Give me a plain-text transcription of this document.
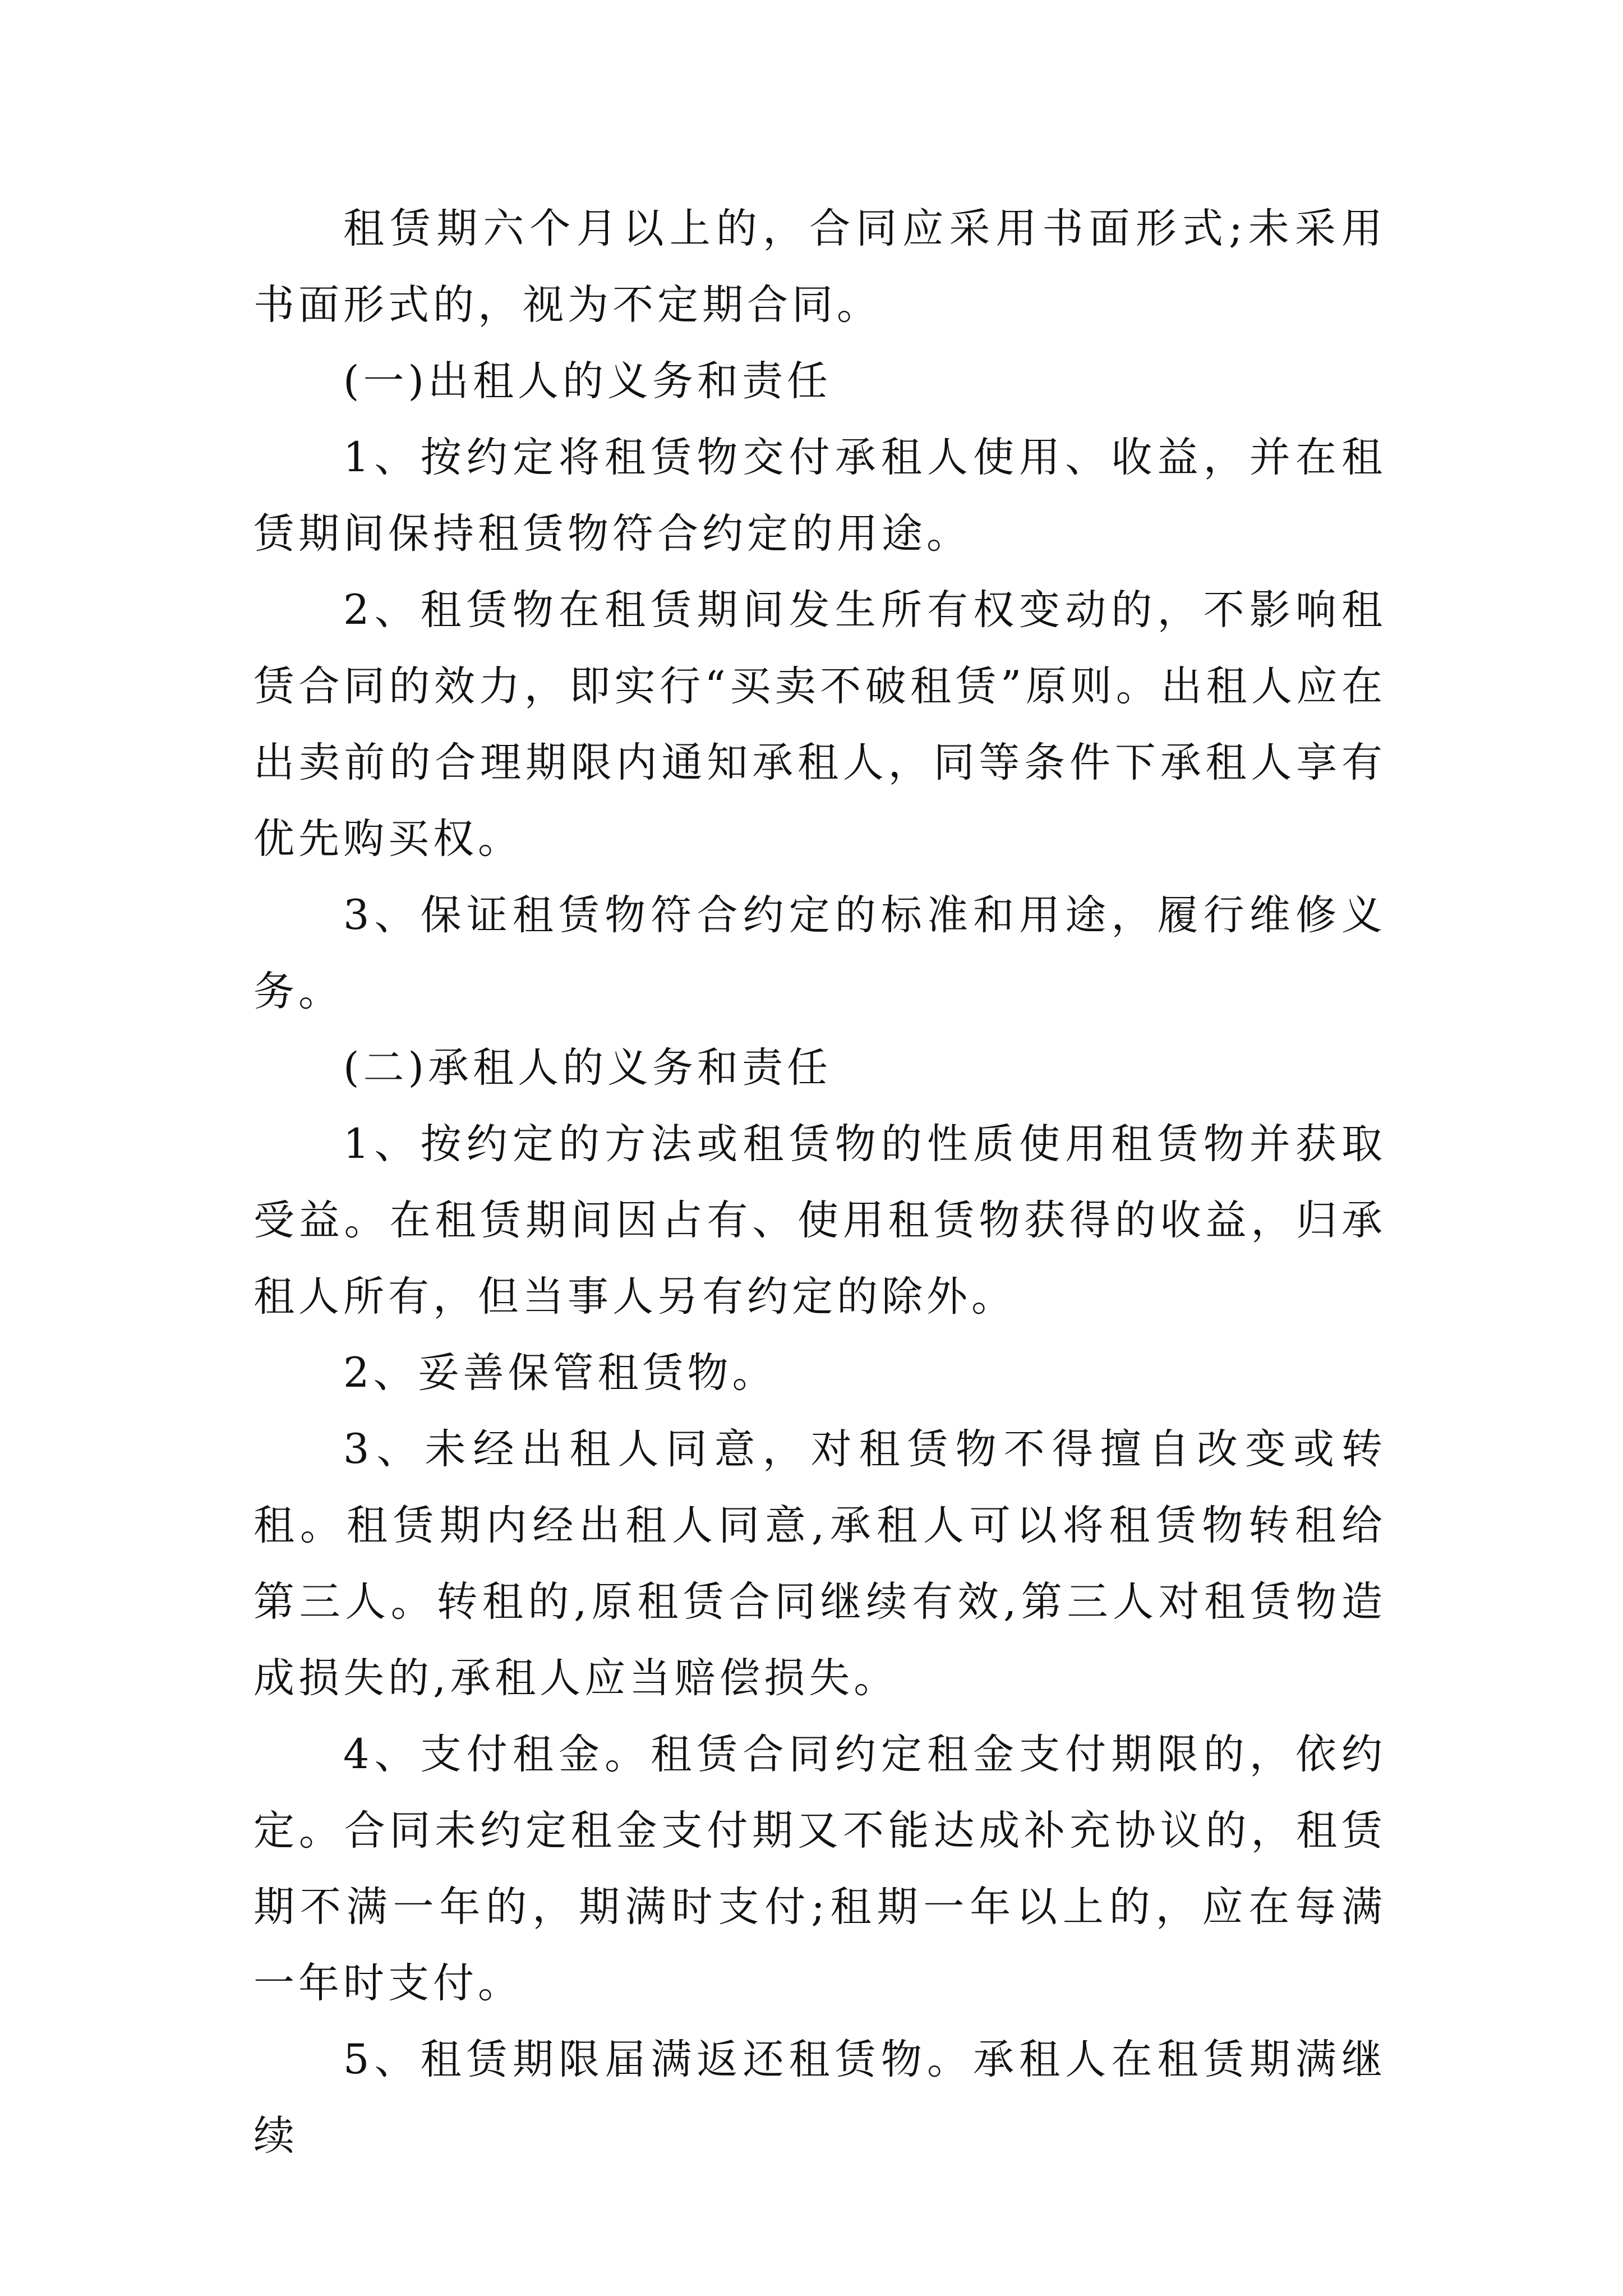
租赁期六个月以上的，合同应采用书面形式;未采用书面形式的，视为不定期合同。

(一)出租人的义务和责任

1、按约定将租赁物交付承租人使用、收益，并在租赁期间保持租赁物符合约定的用途。

2、租赁物在租赁期间发生所有权变动的，不影响租赁合同的效力，即实行“买卖不破租赁”原则。出租人应在出卖前的合理期限内通知承租人，同等条件下承租人享有优先购买权。

3、保证租赁物符合约定的标准和用途，履行维修义务。

(二)承租人的义务和责任

1、按约定的方法或租赁物的性质使用租赁物并获取受益。在租赁期间因占有、使用租赁物获得的收益，归承租人所有，但当事人另有约定的除外。

2、妥善保管租赁物。

3、未经出租人同意，对租赁物不得擅自改变或转租。租赁期内经出租人同意,承租人可以将租赁物转租给第三人。转租的,原租赁合同继续有效,第三人对租赁物造成损失的,承租人应当赔偿损失。

4、支付租金。租赁合同约定租金支付期限的，依约定。合同未约定租金支付期又不能达成补充协议的，租赁期不满一年的，期满时支付;租期一年以上的，应在每满一年时支付。

5、租赁期限届满返还租赁物。承租人在租赁期满继续
